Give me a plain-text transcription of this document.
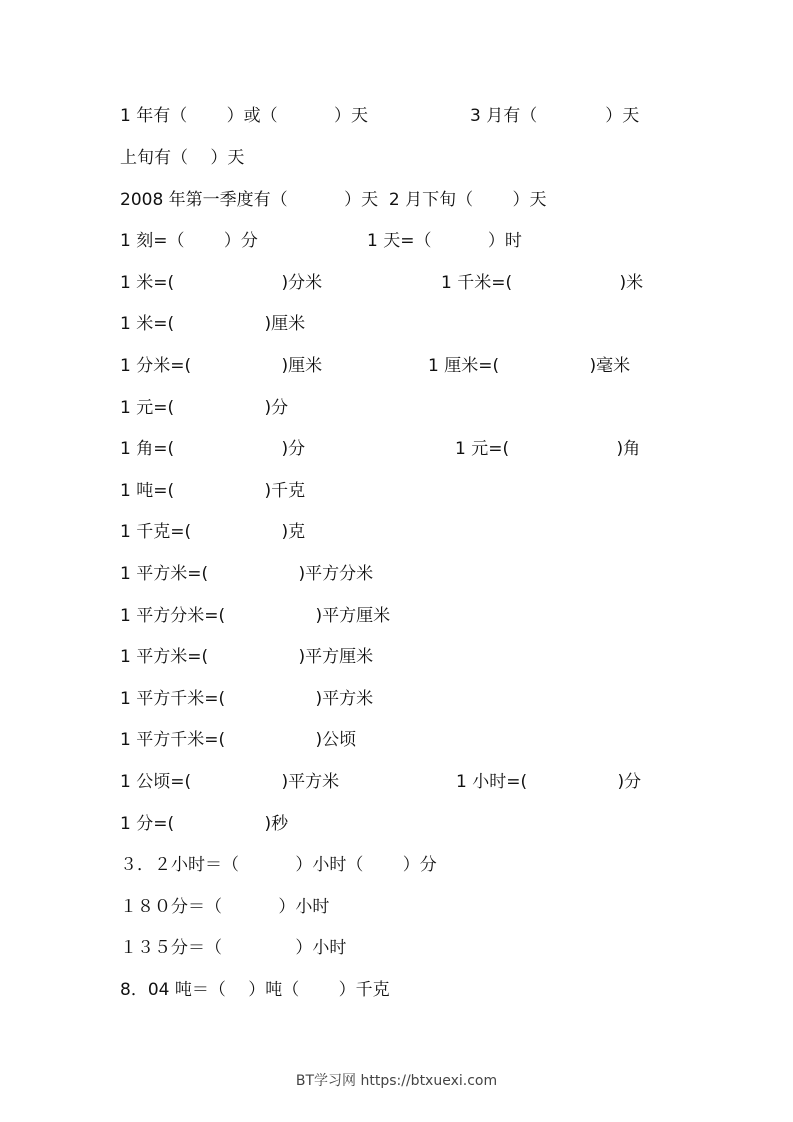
1 年有（　　 ）或（　　　 ）天	3 月有（　　　　）天
上旬有（　 ）天
2008 年第一季度有（　　　 ）天  2 月下旬（　　 ）天
1 刻=（　　 ）分	1 天=（　　　 ）时
1 米=(　　　　　　 )分米	1 千米=(　　　　　　 )米
1 米=(　　　　　 )厘米
1 分米=(　　　　　 )厘米	1 厘米=(　　　　　 )毫米
1 元=(　　　　　 )分
1 角=(　　　　　　 )分	1 元=(　　　　　　 )角
1 吨=(　　　　　 )千克
1 千克=(　　　　　 )克
1 平方米=(　　　　　 )平方分米
1 平方分米=(　　　　　 )平方厘米
1 平方米=(　　　　　 )平方厘米
1 平方千米=(　　　　　 )平方米
1 平方千米=(　　　　　 )公顷
1 公顷=(　　　　　 )平方米	1 小时=(　　　　　 )分
1 分=(　　　　　 )秒
３．２小时＝（　　　 ）小时（　　 ）分
１８０分＝（　　　 ）小时
１３５分＝（　　　　 ）小时
8．04 吨＝（　 ）吨（　　 ）千克
BT学习网 https://btxuexi.com
